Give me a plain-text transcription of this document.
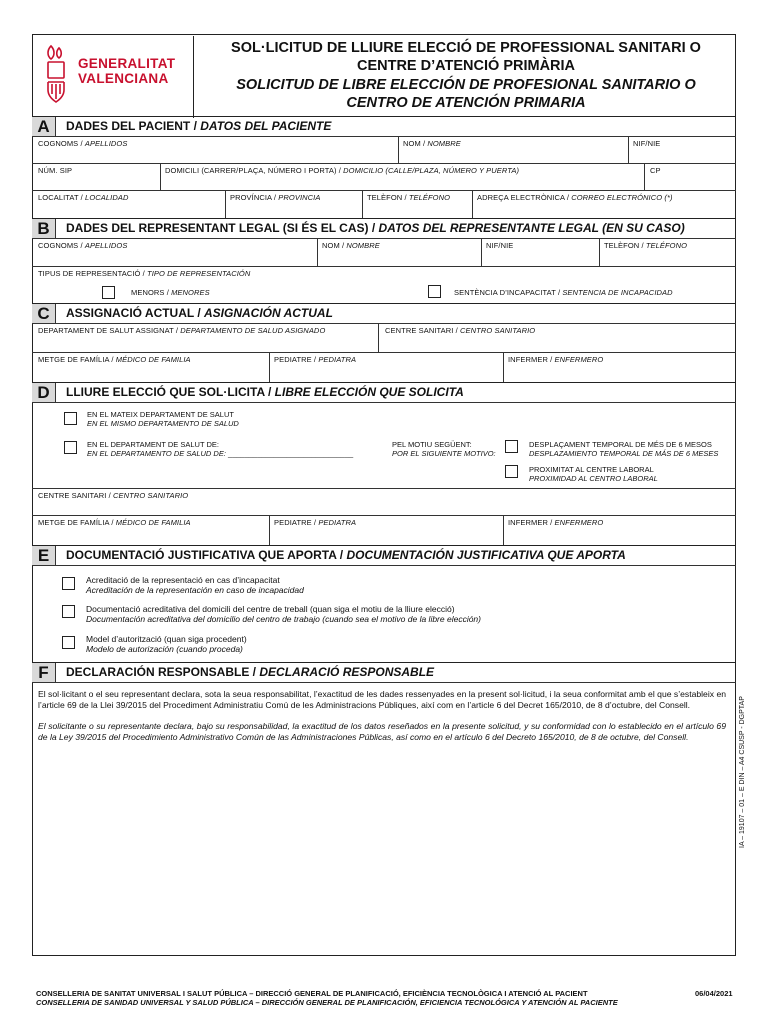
GENERALITAT
VALENCIANA
SOL·LICITUD DE LLIURE ELECCIÓ DE PROFESSIONAL SANITARI O
CENTRE D’ATENCIÓ PRIMÀRIA
SOLICITUD DE LIBRE ELECCIÓN DE PROFESIONAL SANITARIO O
CENTRO DE ATENCIÓN PRIMARIA
A	DADES DEL PACIENT / DATOS DEL PACIENTE
COGNOMS / APELLIDOS	NOM / NOMBRE	NIF/NIE
NÚM. SIP	DOMICILI (CARRER/PLAÇA, NÚMERO I PORTA) / DOMICILIO (CALLE/PLAZA, NÚMERO Y PUERTA)	CP
LOCALITAT / LOCALIDAD	PROVÍNCIA / PROVINCIA	TELÈFON / TELÉFONO	ADREÇA ELECTRÒNICA / CORREO ELECTRÓNICO (*)
B	DADES DEL REPRESENTANT LEGAL (SI ÉS EL CAS) / DATOS DEL REPRESENTANTE LEGAL (EN SU CASO)
COGNOMS / APELLIDOS	NOM / NOMBRE	NIF/NIE	TELÈFON / TELÉFONO
TIPUS DE REPRESENTACIÓ / TIPO DE REPRESENTACIÓN
MENORS / MENORES	SENTÈNCIA D’INCAPACITAT / SENTENCIA DE INCAPACIDAD
C	ASSIGNACIÓ ACTUAL / ASIGNACIÓN ACTUAL
DEPARTAMENT DE SALUT ASSIGNAT / DEPARTAMENTO DE SALUD ASIGNADO	CENTRE SANITARI / CENTRO SANITARIO
METGE DE FAMÍLIA / MÉDICO DE FAMILIA	PEDIATRE / PEDIATRA	INFERMER / ENFERMERO
D	LLIURE ELECCIÓ QUE SOL·LICITA / LIBRE ELECCIÓN QUE SOLICITA
EN EL MATEIX DEPARTAMENT DE SALUT
EN EL MISMO DEPARTAMENTO DE SALUD
EN EL DEPARTAMENT DE SALUT DE:
EN EL DEPARTAMENTO DE SALUD DE: ______________________________
PEL MOTIU SEGÜENT:
POR EL SIGUIENTE MOTIVO:
DESPLAÇAMENT TEMPORAL DE MÉS DE 6 MESOS
DESPLAZAMIENTO TEMPORAL DE MÁS DE 6 MESES
PROXIMITAT AL CENTRE LABORAL
PROXIMIDAD AL CENTRO LABORAL
CENTRE SANITARI / CENTRO SANITARIO
METGE DE FAMÍLIA / MÉDICO DE FAMILIA	PEDIATRE / PEDIATRA	INFERMER / ENFERMERO
E	DOCUMENTACIÓ JUSTIFICATIVA QUE APORTA / DOCUMENTACIÓN JUSTIFICATIVA QUE APORTA
Acreditació de la representació en cas d’incapacitat
Acreditación de la representación en caso de incapacidad
Documentació acreditativa del domicili del centre de treball (quan siga el motiu de la lliure elecció)
Documentación acreditativa del domicilio del centro de trabajo (cuando sea el motivo de la libre elección)
Model d’autorització (quan siga procedent)
Modelo de autorización (cuando proceda)
F	DECLARACIÓN RESPONSABLE / DECLARACIÓ RESPONSABLE
El sol·licitant o el seu representant declara, sota la seua responsabilitat, l’exactitud de les dades ressenyades en la present sol·licitud, i la seua conformitat amb el que s’estableix en l’article 69 de la Llei 39/2015 del Procediment Administratiu Comú de les Administracions Públiques, així com en l’article 6 del Decret 165/2010, de 8 d’octubre, del Consell.
El solicitante o su representante declara, bajo su responsabilidad, la exactitud de los datos reseñados en la presente solicitud, y su conformidad con lo establecido en el artículo 69 de la Ley 39/2015 del Procedimiento Administrativo Común de las Administraciones Públicas, así como en el artículo 6 del Decreto 165/2010, de 8 de octubre, del Consell.	IA – 19107 – 01 – E DIN – A4 CSUSP - DGPTAP
CONSELLERIA DE SANITAT UNIVERSAL I SALUT PÚBLICA – DIRECCIÓ GENERAL DE PLANIFICACIÓ, EFICIÈNCIA TECNOLÒGICA I ATENCIÓ AL PACIENT
CONSELLERIA DE SANIDAD UNIVERSAL Y SALUD PÚBLICA – DIRECCIÓN GENERAL DE PLANIFICACIÓN, EFICIENCIA TECNOLÓGICA Y ATENCIÓN AL PACIENTE
06/04/2021
